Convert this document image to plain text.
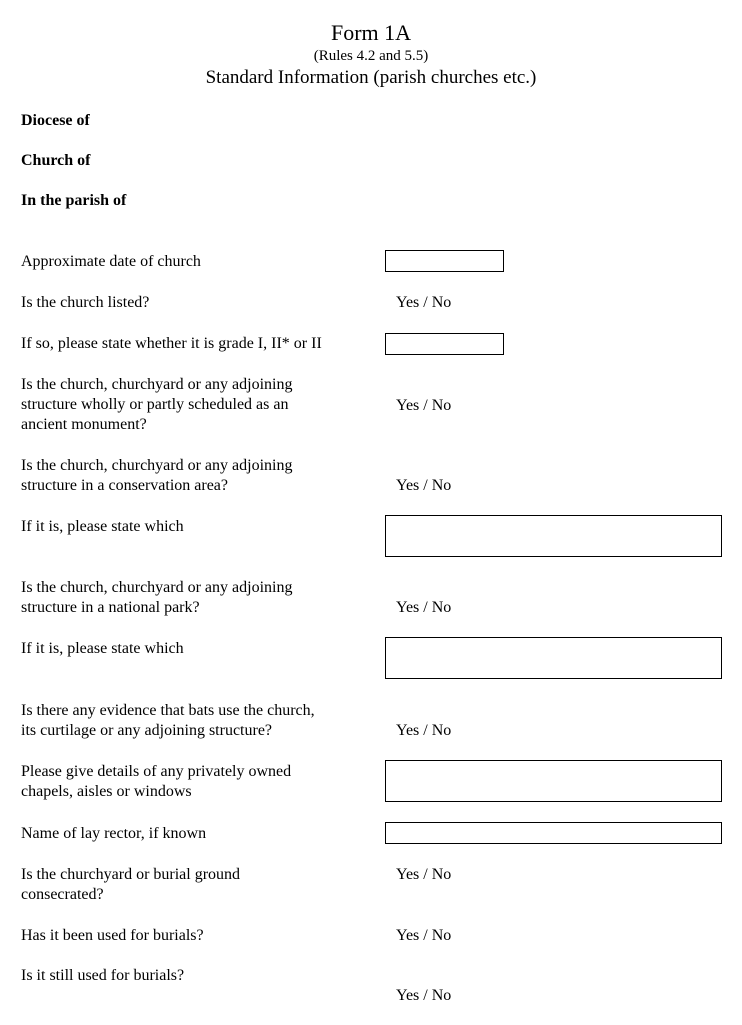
Form 1A
(Rules 4.2 and 5.5)
Standard Information (parish churches etc.)
Diocese of
Church of
In the parish of
Approximate date of church
Is the church listed?	Yes / No
If so, please state whether it is grade I, II* or II
Is the church, churchyard or any adjoining
structure wholly or partly scheduled as an
ancient monument?
Yes / No
Is the church, churchyard or any adjoining
structure in a conservation area?	Yes / No
If it is, please state which
Is the church, churchyard or any adjoining
structure in a national park?	Yes / No
If it is, please state which
Is there any evidence that bats use the church,
its curtilage or any adjoining structure?	Yes / No
Please give details of any privately owned
chapels, aisles or windows
Name of lay rector, if known
Is the churchyard or burial ground
consecrated?
Yes / No
Has it been used for burials?	Yes / No
Is it still used for burials?
Yes / No
